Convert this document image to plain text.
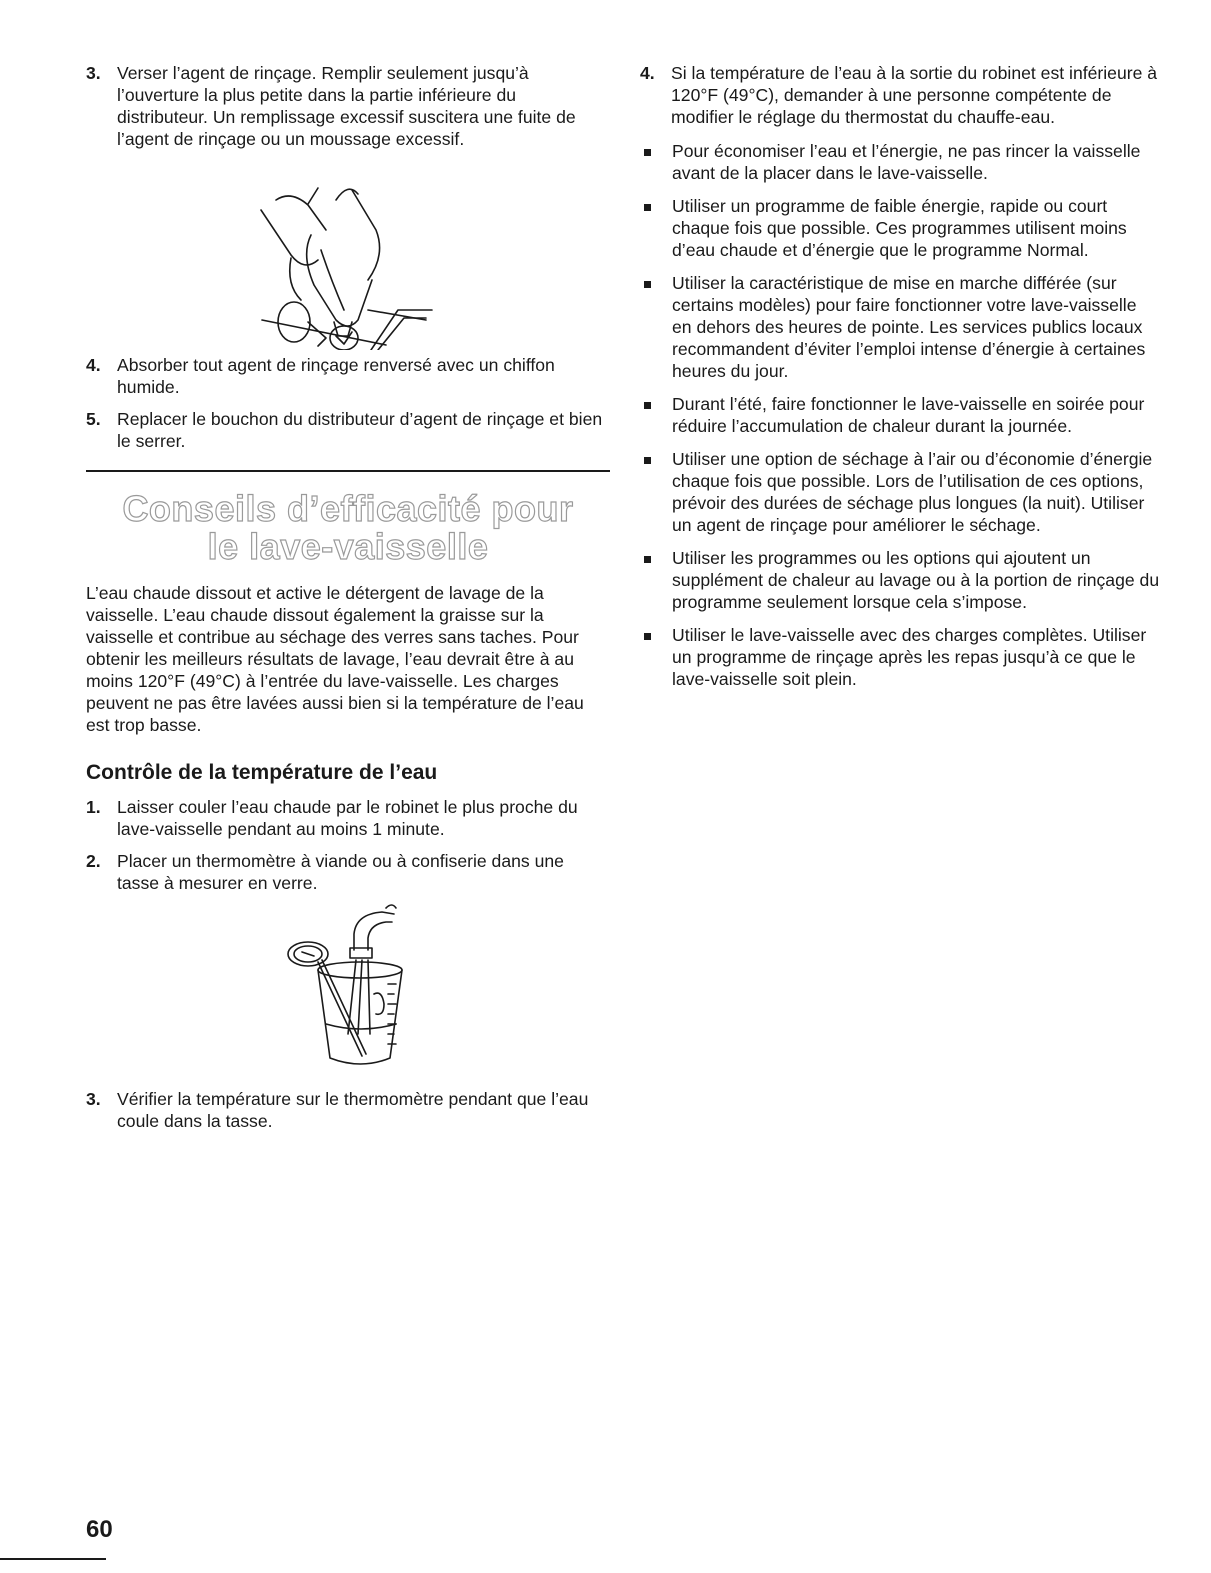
3. Verser l’agent de rinçage. Remplir seulement jusqu’à l’ouverture la plus petite dans la partie inférieure du distributeur. Un remplissage excessif suscitera une fuite de l’agent de rinçage ou un moussage excessif.
4. Absorber tout agent de rinçage renversé avec un chiffon humide.
5. Replacer le bouchon du distributeur d’agent de rinçage et bien le serrer.
Conseils d’efficacité pour
le lave-vaisselle

L’eau chaude dissout et active le détergent de lavage de la vaisselle. L’eau chaude dissout également la graisse sur la vaisselle et contribue au séchage des verres sans taches. Pour obtenir les meilleurs résultats de lavage, l’eau devrait être à au moins 120°F (49°C) à l’entrée du lave-vaisselle. Les charges peuvent ne pas être lavées aussi bien si la température de l’eau est trop basse.

Contrôle de la température de l’eau
1. Laisser couler l’eau chaude par le robinet le plus proche du lave-vaisselle pendant au moins 1 minute.
2. Placer un thermomètre à viande ou à confiserie dans une tasse à mesurer en verre.
3. Vérifier la température sur le thermomètre pendant que l’eau coule dans la tasse.
4. Si la température de l’eau à la sortie du robinet est inférieure à 120°F (49°C), demander à une personne compétente de modifier le réglage du thermostat du chauffe-eau.
Pour économiser l’eau et l’énergie, ne pas rincer la vaisselle avant de la placer dans le lave-vaisselle.
Utiliser un programme de faible énergie, rapide ou court chaque fois que possible. Ces programmes utilisent moins d’eau chaude et d’énergie que le programme Normal.
Utiliser la caractéristique de mise en marche différée (sur certains modèles) pour faire fonctionner votre lave-vaisselle en dehors des heures de pointe. Les services publics locaux recommandent d’éviter l’emploi intense d’énergie à certaines heures du jour.
Durant l’été, faire fonctionner le lave-vaisselle en soirée pour réduire l’accumulation de chaleur durant la journée.
Utiliser une option de séchage à l’air ou d’économie d’énergie chaque fois que possible. Lors de l’utilisation de ces options, prévoir des durées de séchage plus longues (la nuit). Utiliser un agent de rinçage pour améliorer le séchage.
Utiliser les programmes ou les options qui ajoutent un supplément de chaleur au lavage ou à la portion de rinçage du programme seulement lorsque cela s’impose.
Utiliser le lave-vaisselle avec des charges complètes. Utiliser un programme de rinçage après les repas jusqu’à ce que le lave-vaisselle soit plein.
60
